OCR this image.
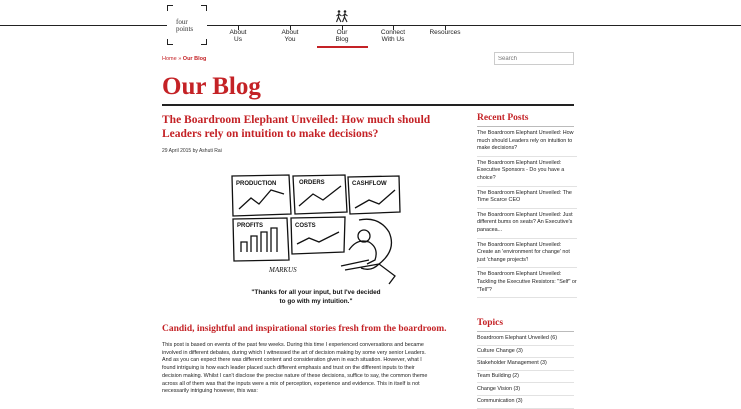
four
points	About
Us
About
You
Our
Blog
Connect
With Us
Resources
Home » Our Blog
Search
Our Blog
The Boardroom Elephant Unveiled: How much should Leaders rely on intuition to make decisions?
29 April 2015 by Ashuti Rai
MARKUS
PRODUCTION	ORDERS	CASHFLOW
PROFITS	COSTS
"Thanks for all your input, but I've decided
to go with my intuition."
Candid, insightful and inspirational stories fresh from the boardroom.
This post is based on events of the past few weeks. During this time I experienced conversations and became
involved in different debates, during which I witnessed the art of decision making by some very senior Leaders.
And as you can expect there was different content and consideration given in each situation. However, what I
found intriguing is how each leader placed such different emphasis and trust on the different inputs to their
decision making. Whilst I can't disclose the precise nature of these decisions, suffice to say, the common theme
across all of them was that the inputs were a mix of perception, experience and evidence. This in itself is not
necessarily intriguing however, this was:
Recent Posts
The Boardroom Elephant Unveiled: How much should Leaders rely on intuition to make decisions?
The Boardroom Elephant Unveiled: Executive Sponsors - Do you have a choice?
The Boardroom Elephant Unveiled: The Time Scarce CEO
The Boardroom Elephant Unveiled: Just different bums on seats? An Executive's panacea...
The Boardroom Elephant Unveiled: Create an 'environment for change' not just 'change projects'!
The Boardroom Elephant Unveiled: Tackling the Executive Resistors: "Self" or "Tell"?
Topics
Boardroom Elephant Unveiled (6)
Culture Change (3)
Stakeholder Management (3)
Team Building (2)
Change Vision (3)
Communication (3)
